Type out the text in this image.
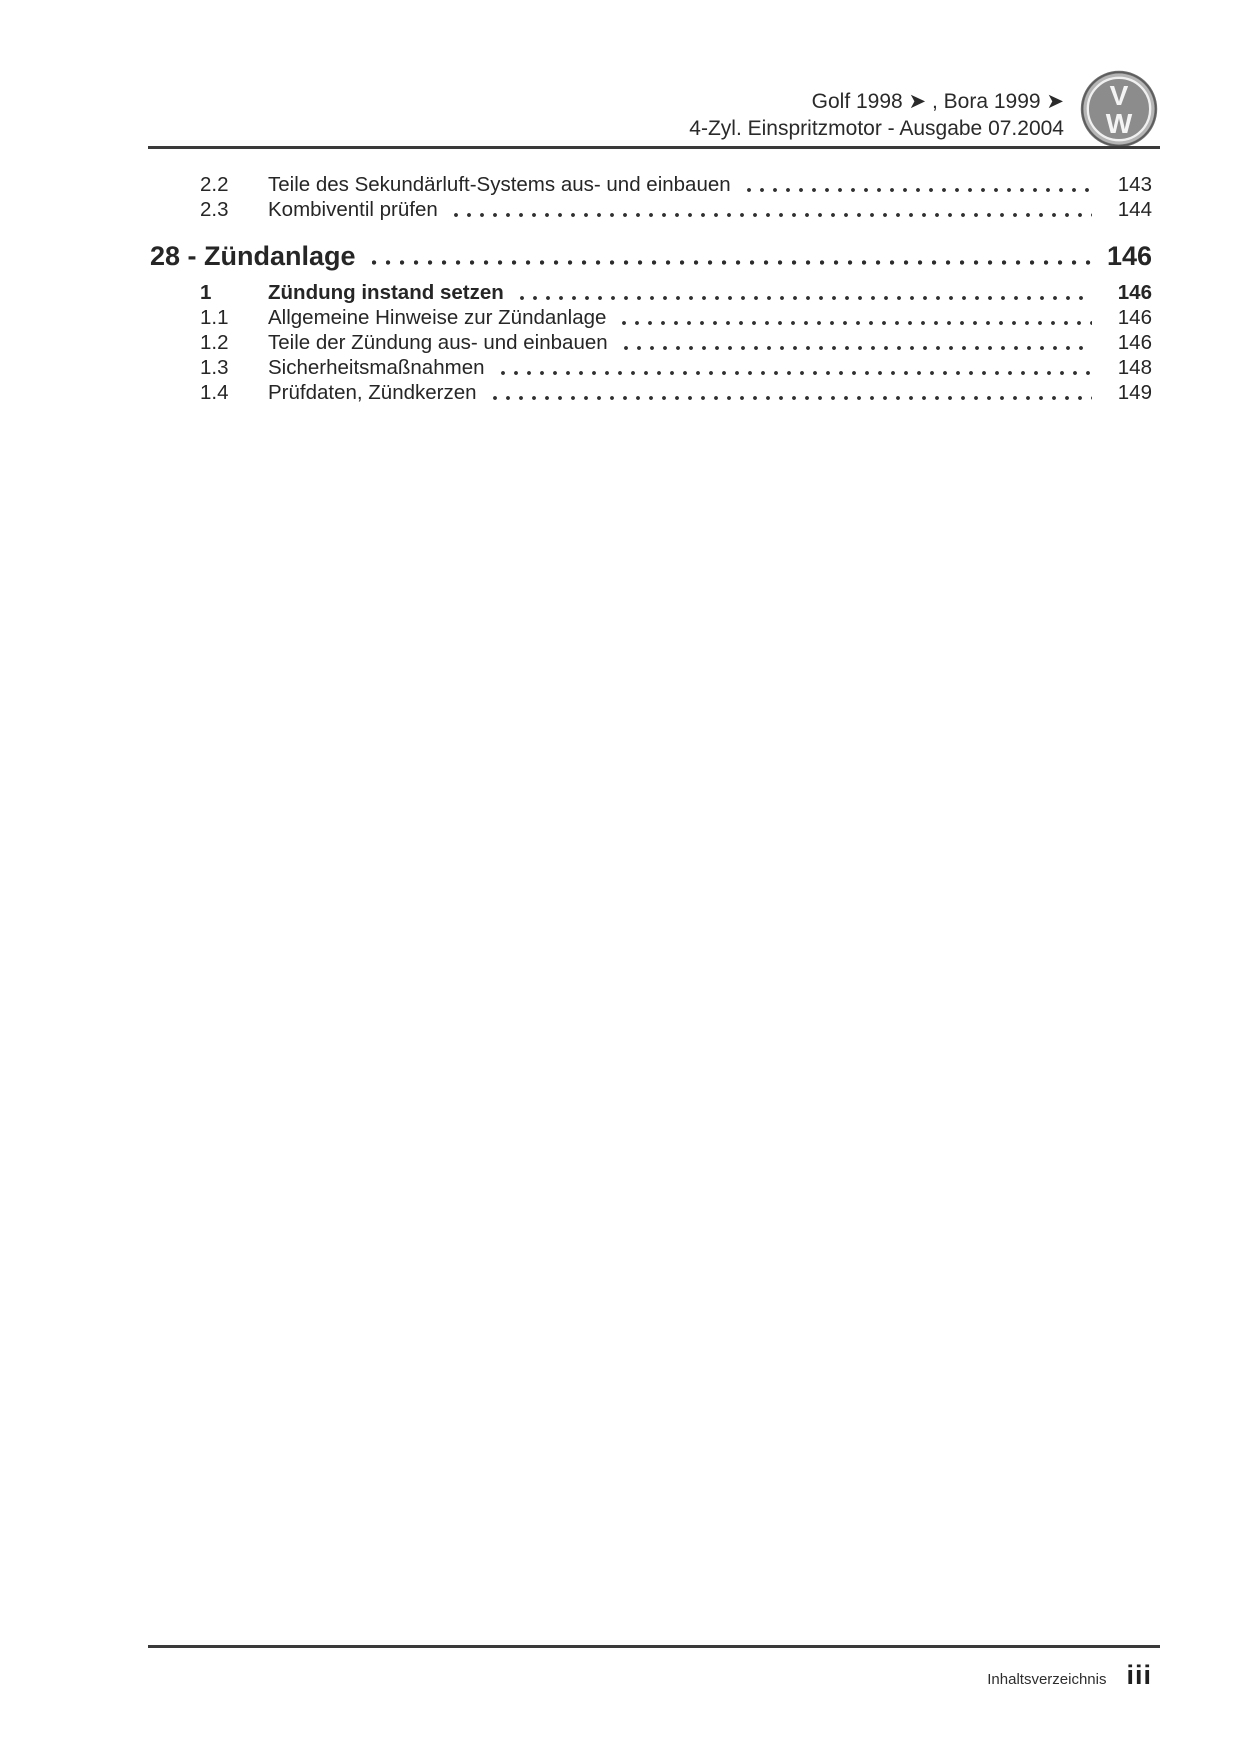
Golf 1998 ➤ , Bora 1999 ➤
4-Zyl. Einspritzmotor - Ausgabe 07.2004
V
W
2.2	Teile des Sekundärluft-Systems aus- und einbauen	143
2.3	Kombiventil prüfen	144
28 - Zündanlage	146
1	Zündung instand setzen	146
1.1	Allgemeine Hinweise zur Zündanlage	146
1.2	Teile der Zündung aus- und einbauen	146
1.3	Sicherheitsmaßnahmen	148
1.4	Prüfdaten, Zündkerzen	149
Inhaltsverzeichnis iii
